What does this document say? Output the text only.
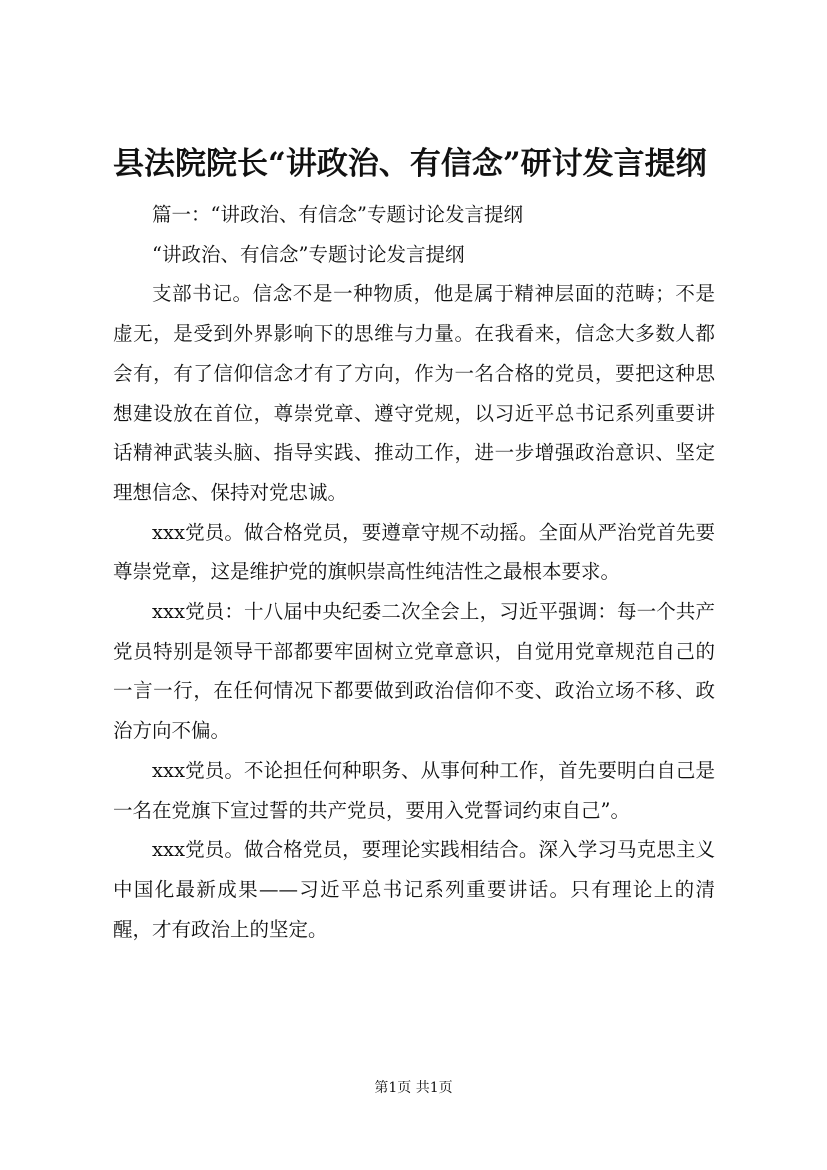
县法院院长“讲政治、有信念”研讨发言提纲

篇一：“讲政治、有信念”专题讨论发言提纲

“讲政治、有信念”专题讨论发言提纲

支部书记。信念不是一种物质，他是属于精神层面的范畴；不是虚无，是受到外界影响下的思维与力量。在我看来，信念大多数人都会有，有了信仰信念才有了方向，作为一名合格的党员，要把这种思想建设放在首位，尊崇党章、遵守党规，以习近平总书记系列重要讲话精神武装头脑、指导实践、推动工作，进一步增强政治意识、坚定理想信念、保持对党忠诚。

xxx党员。做合格党员，要遵章守规不动摇。全面从严治党首先要尊崇党章，这是维护党的旗帜崇高性纯洁性之最根本要求。

xxx党员：十八届中央纪委二次全会上，习近平强调：每一个共产党员特别是领导干部都要牢固树立党章意识，自觉用党章规范自己的一言一行，在任何情况下都要做到政治信仰不变、政治立场不移、政治方向不偏。

xxx党员。不论担任何种职务、从事何种工作，首先要明白自己是一名在党旗下宣过誓的共产党员，要用入党誓词约束自己”。

xxx党员。做合格党员，要理论实践相结合。深入学习马克思主义中国化最新成果——习近平总书记系列重要讲话。只有理论上的清醒，才有政治上的坚定。

第1页 共1页
